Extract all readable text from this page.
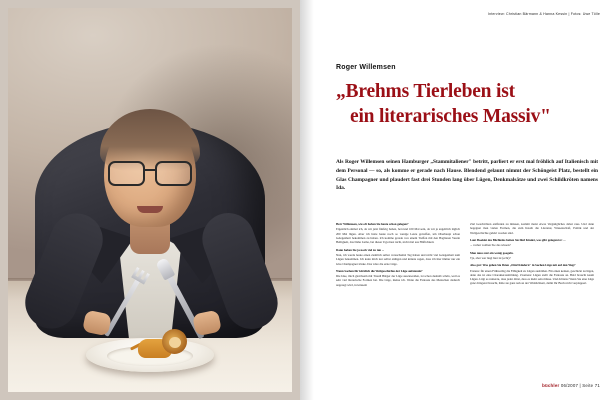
Interview: Christian Bärmann & Hanna Kessin | Fotos: Uwe Tölle
Roger Willemsen
„Brehms Tierleben ist
ein literarisches Massiv"
Als Roger Willemsen seinen Hamburger „Stammitaliener" betritt, parliert er erst mal fröhlich auf Italienisch mit dem Personal — so, als komme er gerade nach Hause. Blendend gelaunt nimmt der Schöngeist Platz, bestellt ein Glas Champagner und plaudert fast drei Stunden lang über Lügen, Denkmalsätze und zwei Schildkröten namens Ida.

Herr Willemsen, wie oft haben Sie heute schon gelogen?
Eigentlich einmal ich, da wir jetzt fünfzig haben, bei rund 100 Mal sein, da wir je angeblich täglich 200 Mal lügen. Aber ich hatte heute noch so wenige Leute getroffen, um Oberhaupt schon Gelegenheit bekommen zu haben. Ich komme gerade von einem Treffen mit den Baglieren Verein Heiligkeit, das Dahe Luma, bei dieser Ugs mest nicht, nicht mal aus Höflichkeit.

Dann haben Sie ja noch viel zu tun ...
Nun, ich werde heute einen ziemlich selber versuchsmal Tag haben und nicht viel Gelegenheit zum Lügen bekommen. Ich kann mich nur selbst anlügen und könnte sagen, dass ich hier immer nur ein Glas Champagner trinke. Das wäre die erste Lüge.

Wenn Sachen für kürzlich die Weltgeschichte der Lüge aufstunde?
Die Idee, mich gleichsam mit Traudl Bürger der Lüge auszuweiden, ist schon deshalb schön, weil es sehr viel literarische Formen hat. Die Lüge, meine ich. Wenn die Fantasie des Menschen dadurch angeregt wird, in krissem

Ziel Geschichten entfinden zu müssen, kommt meist etwas Vergnügliches dabei raus. Und dann begegnet man vielen Formen, die zum Knoth die Literatur, Wissenschaft, Politik und der Weltgeschichte gehört worden sind.

Laut Booklet des Büchleins haben Sie fünf Kinder, was gibt gelogen ist: ...
... vorher wollten Sie das wissen?

Man muss nur ein wenig googeln.
Tja, aber wer liegt hier ist (echt)?

Also gut: Was gehen Sie Ihren „Fünf Kindern" in Sachen Lüge mit auf den Weg?
Erstens: für einen Frühaarbig die Fähigkeit zu Lügen ausbilden. Für einen keinen, geschickt zu lügen, denn das ist eine Charakterausbildung. Zweitens: Lügen stellt die Fantasie an. Bald braucht kaum Lügen. Lügt es runterzu, dass jeder dürst, dass es mehr sein müsse. Und drittens: Wenn Sie eine Lüge ganz dringend braucht, hätte sie ganz nah an der Wirklichkeit, damit Ihr Buch nicht verplappert.

büchler 06/2007 | Seite 71
